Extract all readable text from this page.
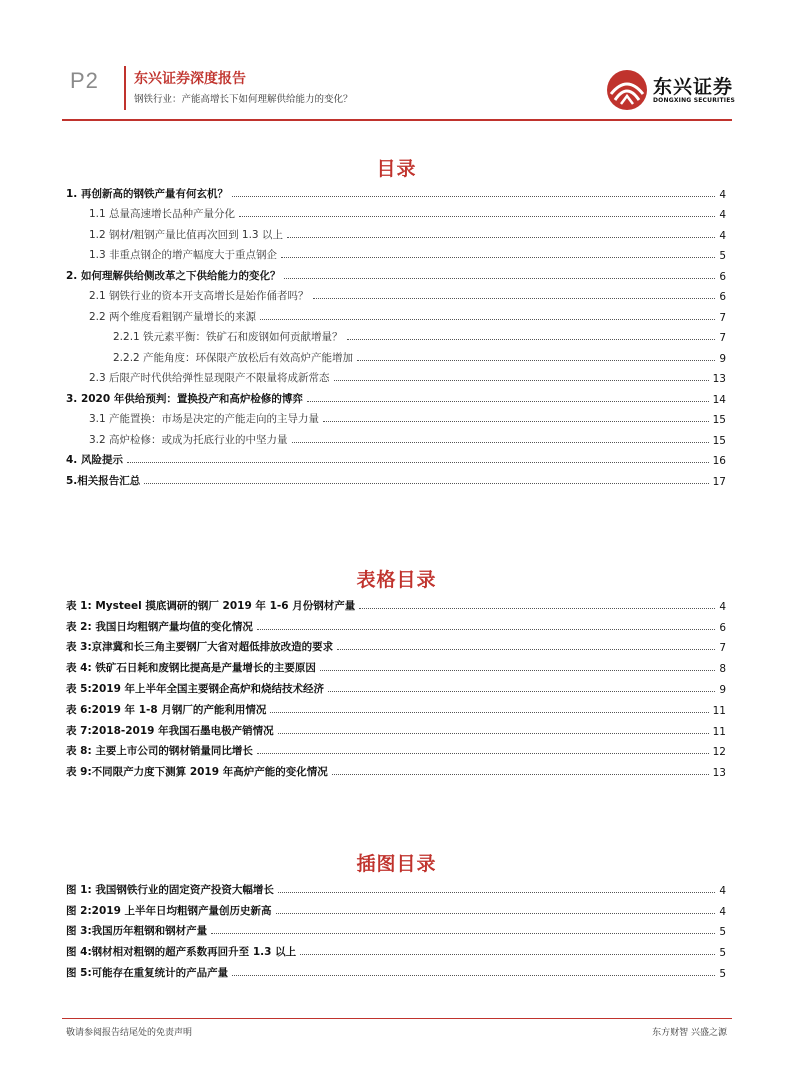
P2	东兴证券深度报告
钢铁行业：产能高增长下如何理解供给能力的变化？
东兴证券
DONGXING SECURITIES
目录
1. 再创新高的钢铁产量有何玄机？	4
1.1 总量高速增长品种产量分化	4
1.2 钢材/粗钢产量比值再次回到 1.3 以上	4
1.3 非重点钢企的增产幅度大于重点钢企	5
2. 如何理解供给侧改革之下供给能力的变化？	6
2.1 钢铁行业的资本开支高增长是始作俑者吗？	6
2.2 两个维度看粗钢产量增长的来源	7
2.2.1 铁元素平衡：铁矿石和废钢如何贡献增量？	7
2.2.2 产能角度：环保限产放松后有效高炉产能增加	9
2.3 后限产时代供给弹性显现限产不限量将成新常态	13
3. 2020 年供给预判：置换投产和高炉检修的博弈	14
3.1 产能置换：市场是决定的产能走向的主导力量	15
3.2 高炉检修：或成为托底行业的中坚力量	15
4. 风险提示	16
5.相关报告汇总	17
表格目录
表 1: Mysteel 摸底调研的钢厂 2019 年 1-6 月份钢材产量	4
表 2: 我国日均粗钢产量均值的变化情况	6
表 3:京津冀和长三角主要钢厂大省对超低排放改造的要求	7
表 4: 铁矿石日耗和废钢比提高是产量增长的主要原因	8
表 5:2019 年上半年全国主要钢企高炉和烧结技术经济	9
表 6:2019 年 1-8 月钢厂的产能利用情况	11
表 7:2018-2019 年我国石墨电极产销情况	11
表 8: 主要上市公司的钢材销量同比增长	12
表 9:不同限产力度下测算 2019 年高炉产能的变化情况	13
插图目录
图 1: 我国钢铁行业的固定资产投资大幅增长	4
图 2:2019 上半年日均粗钢产量创历史新高	4
图 3:我国历年粗钢和钢材产量	5
图 4:钢材相对粗钢的超产系数再回升至 1.3 以上	5
图 5:可能存在重复统计的产品产量	5
敬请参阅报告结尾处的免责声明	东方财智 兴盛之源
